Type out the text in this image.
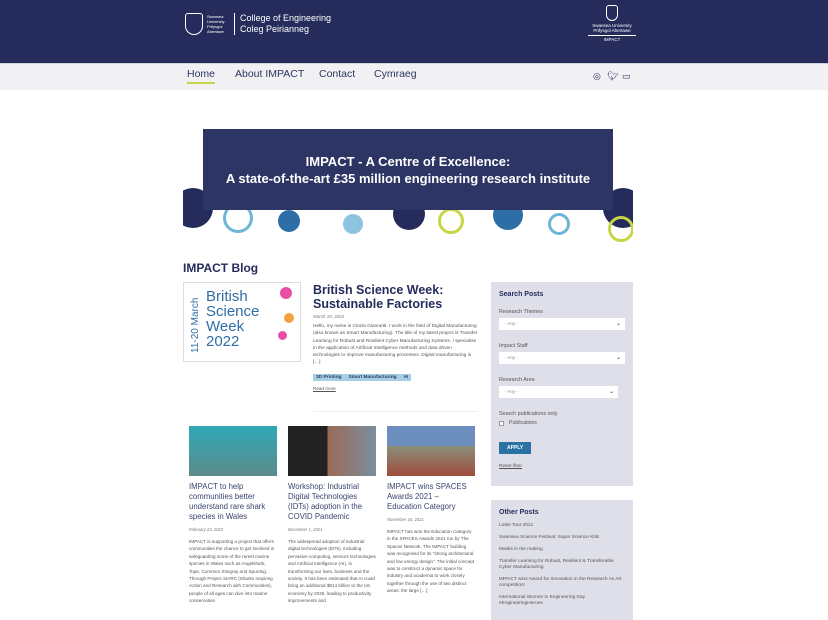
Swansea University Prifysgol Abertawe
College of Engineering
Coleg Peirianneg	Swansea University Prifysgol Abertawe
IMPACT
Home About IMPACT Contact Cymraeg	◎ 🐦︎ ▭
IMPACT - A Centre of Excellence:
A state-of-the-art £35 million engineering research institute
IMPACT Blog
11-20 March
British
Science
Week
2022
British Science Week: Sustainable Factories
March 18, 2022
Hello, my name is Cinzia Giannetti. I work in the field of Digital Manufacturing (also known as Smart Manufacturing). The title of my latest project is Transfer Learning for Robust and Resilient Cyber Manufacturing Systems. I specialise in the application of Artificial Intelligence methods and data driven technologies to improve manufacturing processes. Digital manufacturing is […]
3D Printing Smart Manufacturing AI
Read more
IMPACT to help communities better understand rare shark species in Wales
February 23, 2022
IMPACT is supporting a project that offers communities the chance to get involved in safeguarding some of the rarest marine species in Wales such as Angelshark, Tope, Common Stingray and Spurdog. Through Project SIARC (Sharks Inspiring Action and Research with Communities), people of all ages can dive into marine conservation
Workshop: Industrial Digital Technologies (IDTs) adoption in the COVID Pandemic
December 1, 2021
The widespread adoption of industrial digital technologies (IDTs), including pervasive computing, sensors technologies and Artificial Intelligence (AI), is transforming our lives, business and the society. It has been estimated that AI could bring an additional $814 billion to the UK economy by 2035, leading to productivity improvements and
IMPACT wins SPACES Awards 2021 – Education Category
November 16, 2021
IMPACT has won the Education Category in the SPACES Awards 2021 run by The Spaces Network. The IMPACT building was recognised for its "strong architectural and low energy design". The initial concept was to construct a dynamic space for industry and academia to work closely together through the use of two distinct areas: the large […]
Search Posts
Research Themes
- Any -	⌄
Impact Staff
- Any -	⌄
Research Area
- Any -	⌄
Search publications only
Publications
APPLY
Reset filter
Other Posts
Lottie Tour 2021
Swansea Science Festival: Super Science Kits!
Masks in the making
Transfer Learning for Robust, Resilient & Transferable Cyber Manufacturing
IMPACT wins Award for Innovation in the Research As Art competition!
International Women in Engineering Day #EngineeringHeroes
